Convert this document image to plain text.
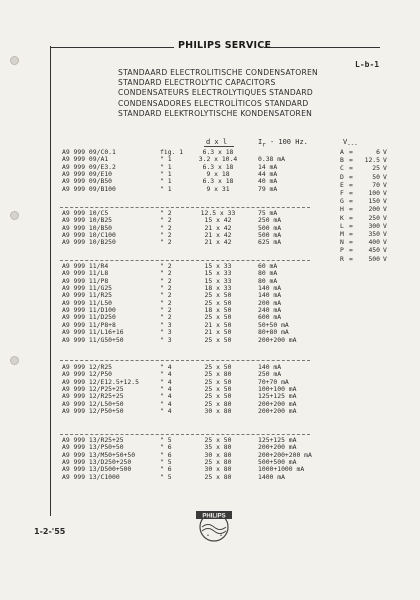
PHILIPS SERVICE
L-b-1
STANDAARD ELECTROLITISCHE CONDENSATOREN
STANDARD ELECTROLYTIC CAPACITORS
CONDENSATEURS ELECTROLYTIQUES STANDARD
CONDENSADORES ELECTROLÍTICOS STANDARD
STANDARD ELEKTROLYTISCHE KONDENSATOREN
d x l	$I_r - 100$ Hz.	$V_{---}$
A9 999 09/C0.1	fig. 1	6.3 x 18
A9 999 09/A1	" 1	3.2 x 10.4	0.38 mA
A9 999 09/E3.2	" 1	6.3 x 18	14 mA
A9 999 09/E10	" 1	9 x 18	44 mA
A9 999 09/B50	" 1	6.3 x 18	40 mA
A9 999 09/B100	" 1	9 x 31	79 mA
A9 999 10/C5	" 2	12.5 x 33	75 mA
A9 999 10/B25	" 2	15 x 42	250 mA
A9 999 10/B50	" 2	21 x 42	500 mA
A9 999 10/C100	" 2	21 x 42	500 mA
A9 999 10/B250	" 2	21 x 42	625 mA
A9 999 11/R4	" 2	15 x 33	60 mA
A9 999 11/L8	" 2	15 x 33	80 mA
A9 999 11/P8	" 2	15 x 33	80 mA
A9 999 11/G25	" 2	18 x 33	140 mA
A9 999 11/R25	" 2	25 x 50	140 mA
A9 999 11/L50	" 2	25 x 50	200 mA
A9 999 11/D100	" 2	18 x 50	240 mA
A9 999 11/D250	" 2	25 x 50	600 mA
A9 999 11/P8+8	" 3	21 x 50	50+50 mA
A9 999 11/L16+16	" 3	21 x 50	80+80 mA
A9 999 11/G50+50	" 3	25 x 50	200+200 mA
A9 999 12/R25	" 4	25 x 50	140 mA
A9 999 12/P50	" 4	25 x 80	250 mA
A9 999 12/E12.5+12.5	" 4	25 x 50	70+70 mA
A9 999 12/P25+25	" 4	25 x 50	100+100 mA
A9 999 12/R25+25	" 4	25 x 50	125+125 mA
A9 999 12/L50+50	" 4	25 x 80	200+200 mA
A9 999 12/P50+50	" 4	30 x 80	200+200 mA
A9 999 13/R25+25	" 5	25 x 50	125+125 mA
A9 999 13/P50+50	" 6	35 x 80	200+200 mA
A9 999 13/M50+50+50	" 6	30 x 80	200+200+200 mA
A9 999 13/D250+250	" 5	25 x 80	500+500 mA
A9 999 13/D500+500	" 6	30 x 80	1000+1000 mA
A9 999 13/C1000	" 5	25 x 80	1400 mA
A =	6 V
B =	12.5 V
C =	25 V
D =	50 V
E =	70 V
F =	100 V
G =	150 V
H =	200 V
K =	250 V
L =	300 V
M =	350 V
N =	400 V
P =	450 V
R =	500 V
1-2-'55
PHILIPS
